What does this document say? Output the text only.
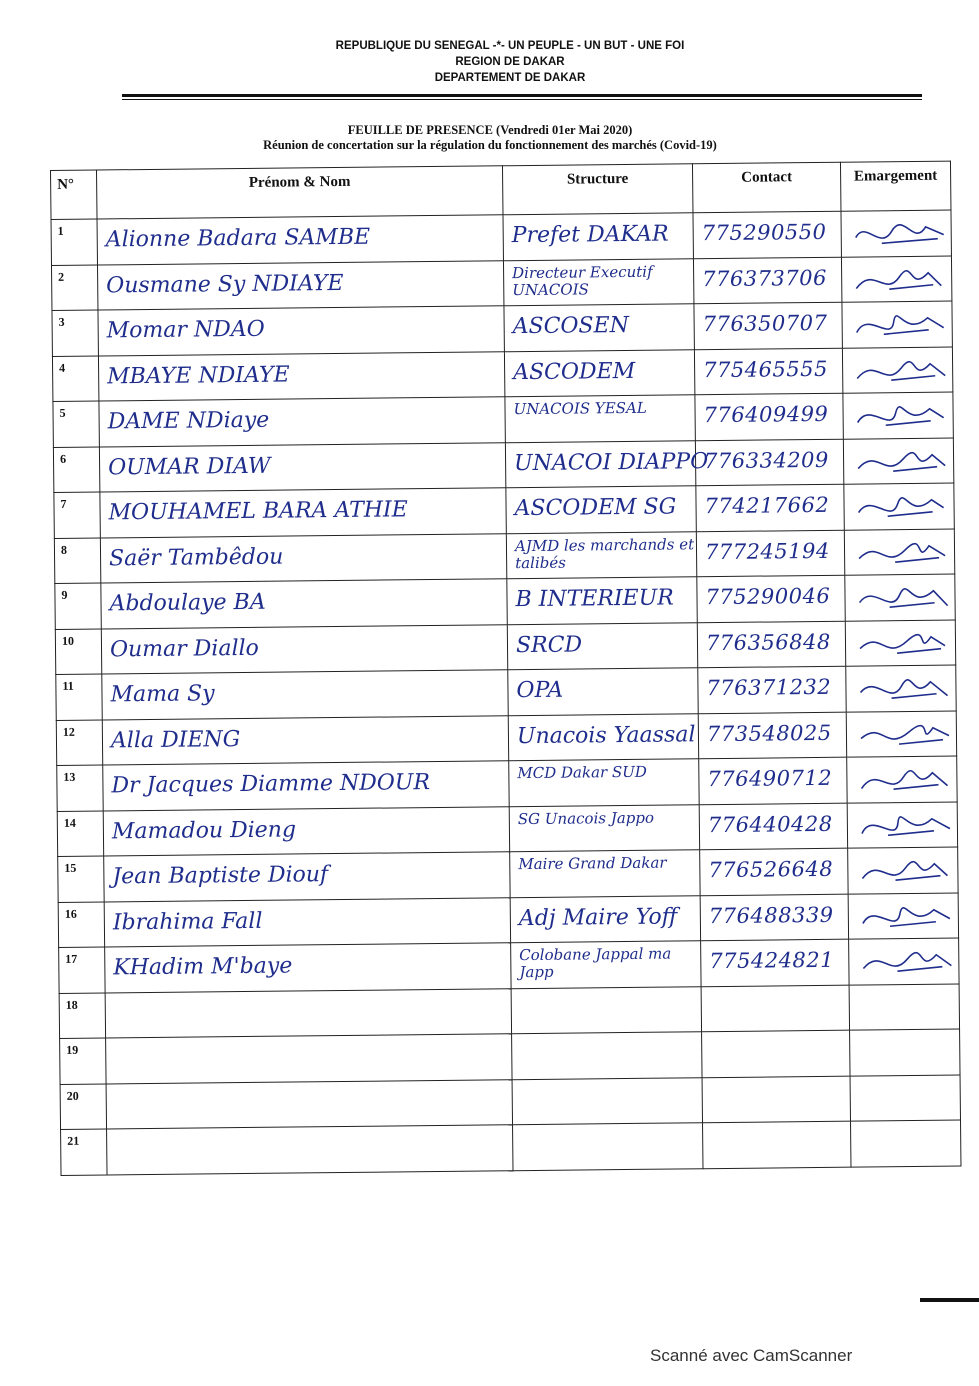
REPUBLIQUE DU SENEGAL -*- UN PEUPLE - UN BUT - UNE FOI
REGION DE DAKAR
DEPARTEMENT DE DAKAR
FEUILLE DE PRESENCE (Vendredi 01er Mai 2020)
Réunion de concertation sur la régulation du fonctionnement des marchés (Covid-19)
N°	Prénom & Nom	Structure	Contact	Emargement

1	Alionne Badara SAMBE	Prefet DAKAR	775290550

2	Ousmane Sy NDIAYE	Directeur Executif UNACOIS	776373706

3	Momar NDAO	ASCOSEN	776350707

4	MBAYE NDIAYE	ASCODEM	775465555

5	DAME NDiaye	UNACOIS YESAL	776409499

6	OUMAR DIAW	UNACOI DIAPPO	776334209

7	MOUHAMEL BARA ATHIE	ASCODEM SG	774217662

8	Saër Tambêdou	AJMD les marchands et talibés	777245194

9	Abdoulaye BA	B INTERIEUR	775290046

10	Oumar Diallo	SRCD	776356848

11	Mama Sy	OPA	776371232

12	Alla DIENG	Unacois Yaassal	773548025

13	Dr Jacques Diamme NDOUR	MCD Dakar SUD	776490712

14	Mamadou Dieng	SG Unacois Jappo	776440428

15	Jean Baptiste Diouf	Maire Grand Dakar	776526648

16	Ibrahima Fall	Adj Maire Yoff	776488339

17	KHadim M'baye	Colobane Jappal ma Japp	775424821

18				

19				

20				

21				

Scanné avec CamScanner
